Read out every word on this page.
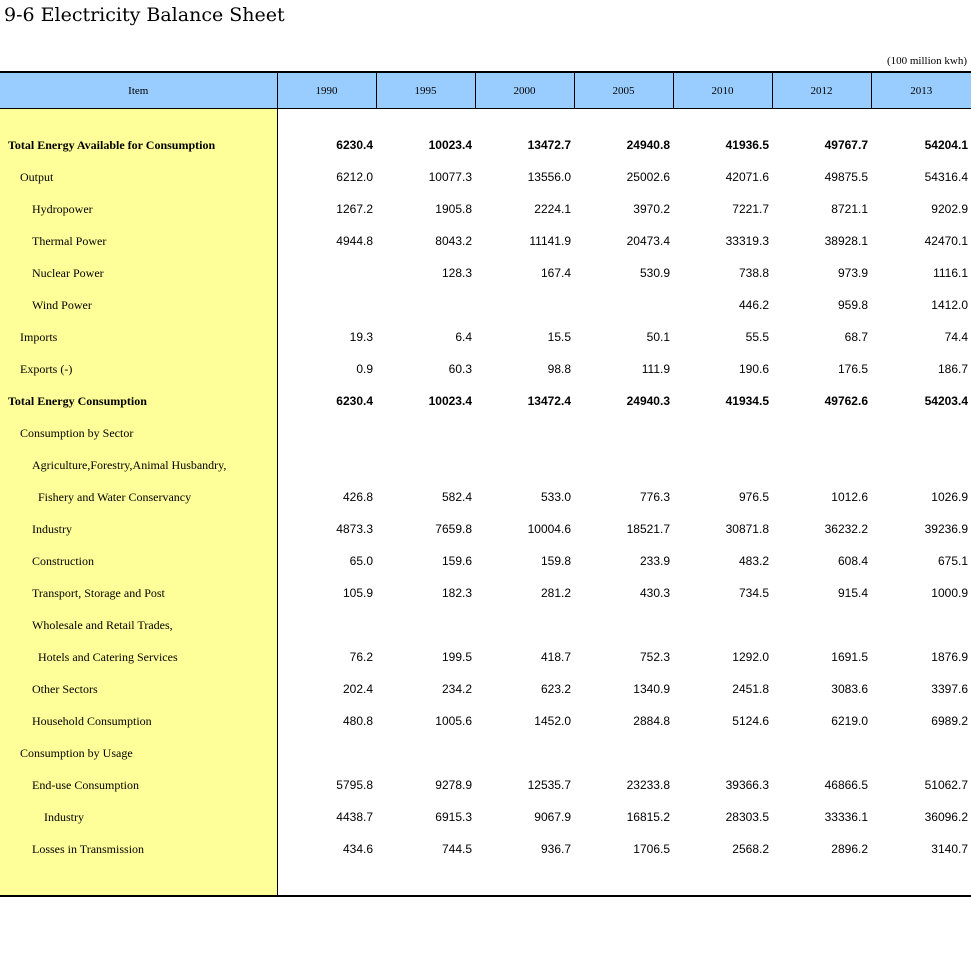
9-6 Electricity Balance Sheet
(100 million kwh)
Item	1990	1995	2000	2005	2010	2012	2013

Total Energy Available for Consumption	6230.4	10023.4	13472.7	24940.8	41936.5	49767.7	54204.1
Output	6212.0	10077.3	13556.0	25002.6	42071.6	49875.5	54316.4
Hydropower	1267.2	1905.8	2224.1	3970.2	7221.7	8721.1	9202.9
Thermal Power	4944.8	8043.2	11141.9	20473.4	33319.3	38928.1	42470.1
Nuclear Power		128.3	167.4	530.9	738.8	973.9	1116.1
Wind Power					446.2	959.8	1412.0
Imports	19.3	6.4	15.5	50.1	55.5	68.7	74.4
Exports (-)	0.9	60.3	98.8	111.9	190.6	176.5	186.7
Total Energy Consumption	6230.4	10023.4	13472.4	24940.3	41934.5	49762.6	54203.4
Consumption by Sector							
Agriculture,Forestry,Animal Husbandry,							
Fishery and Water Conservancy	426.8	582.4	533.0	776.3	976.5	1012.6	1026.9
Industry	4873.3	7659.8	10004.6	18521.7	30871.8	36232.2	39236.9
Construction	65.0	159.6	159.8	233.9	483.2	608.4	675.1
Transport, Storage and Post	105.9	182.3	281.2	430.3	734.5	915.4	1000.9
Wholesale and Retail Trades,							
Hotels and Catering Services	76.2	199.5	418.7	752.3	1292.0	1691.5	1876.9
Other Sectors	202.4	234.2	623.2	1340.9	2451.8	3083.6	3397.6
Household Consumption	480.8	1005.6	1452.0	2884.8	5124.6	6219.0	6989.2
Consumption by Usage							
End-use Consumption	5795.8	9278.9	12535.7	23233.8	39366.3	46866.5	51062.7
Industry	4438.7	6915.3	9067.9	16815.2	28303.5	33336.1	36096.2
Losses in Transmission	434.6	744.5	936.7	1706.5	2568.2	2896.2	3140.7
